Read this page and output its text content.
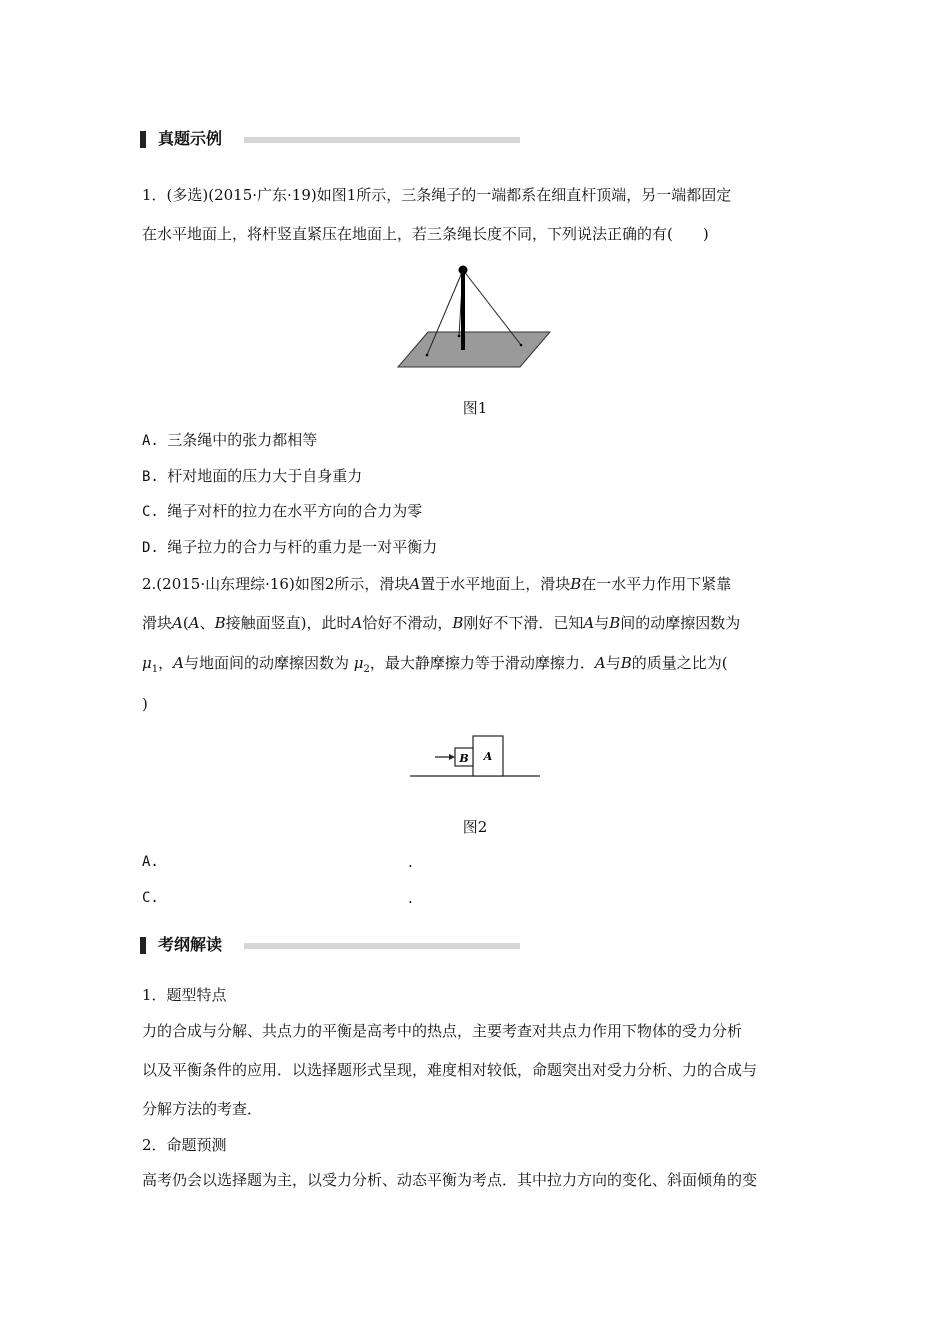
真题示例
1．(多选)(2015·广东·19)如图1所示，三条绳子的一端都系在细直杆顶端，另一端都固定
在水平地面上，将杆竖直紧压在地面上，若三条绳长度不同，下列说法正确的有(　　)
图1
A. 三条绳中的张力都相等
B. 杆对地面的压力大于自身重力
C. 绳子对杆的拉力在水平方向的合力为零
D. 绳子拉力的合力与杆的重力是一对平衡力
2.(2015·山东理综·16)如图2所示，滑块A置于水平地面上，滑块B在一水平力作用下紧靠
滑块A(A、B接触面竖直)，此时A恰好不滑动，B刚好不下滑．已知A与B间的动摩擦因数为
$\mu_1$，A与地面间的动摩擦因数为 $\mu_2$，最大静摩擦力等于滑动摩擦力．A与B的质量之比为(
)
B A
图2
A.	.
C.	.
考纲解读
1．题型特点
力的合成与分解、共点力的平衡是高考中的热点，主要考查对共点力作用下物体的受力分析
以及平衡条件的应用．以选择题形式呈现，难度相对较低，命题突出对受力分析、力的合成与
分解方法的考查．
2．命题预测
高考仍会以选择题为主，以受力分析、动态平衡为考点．其中拉力方向的变化、斜面倾角的变
